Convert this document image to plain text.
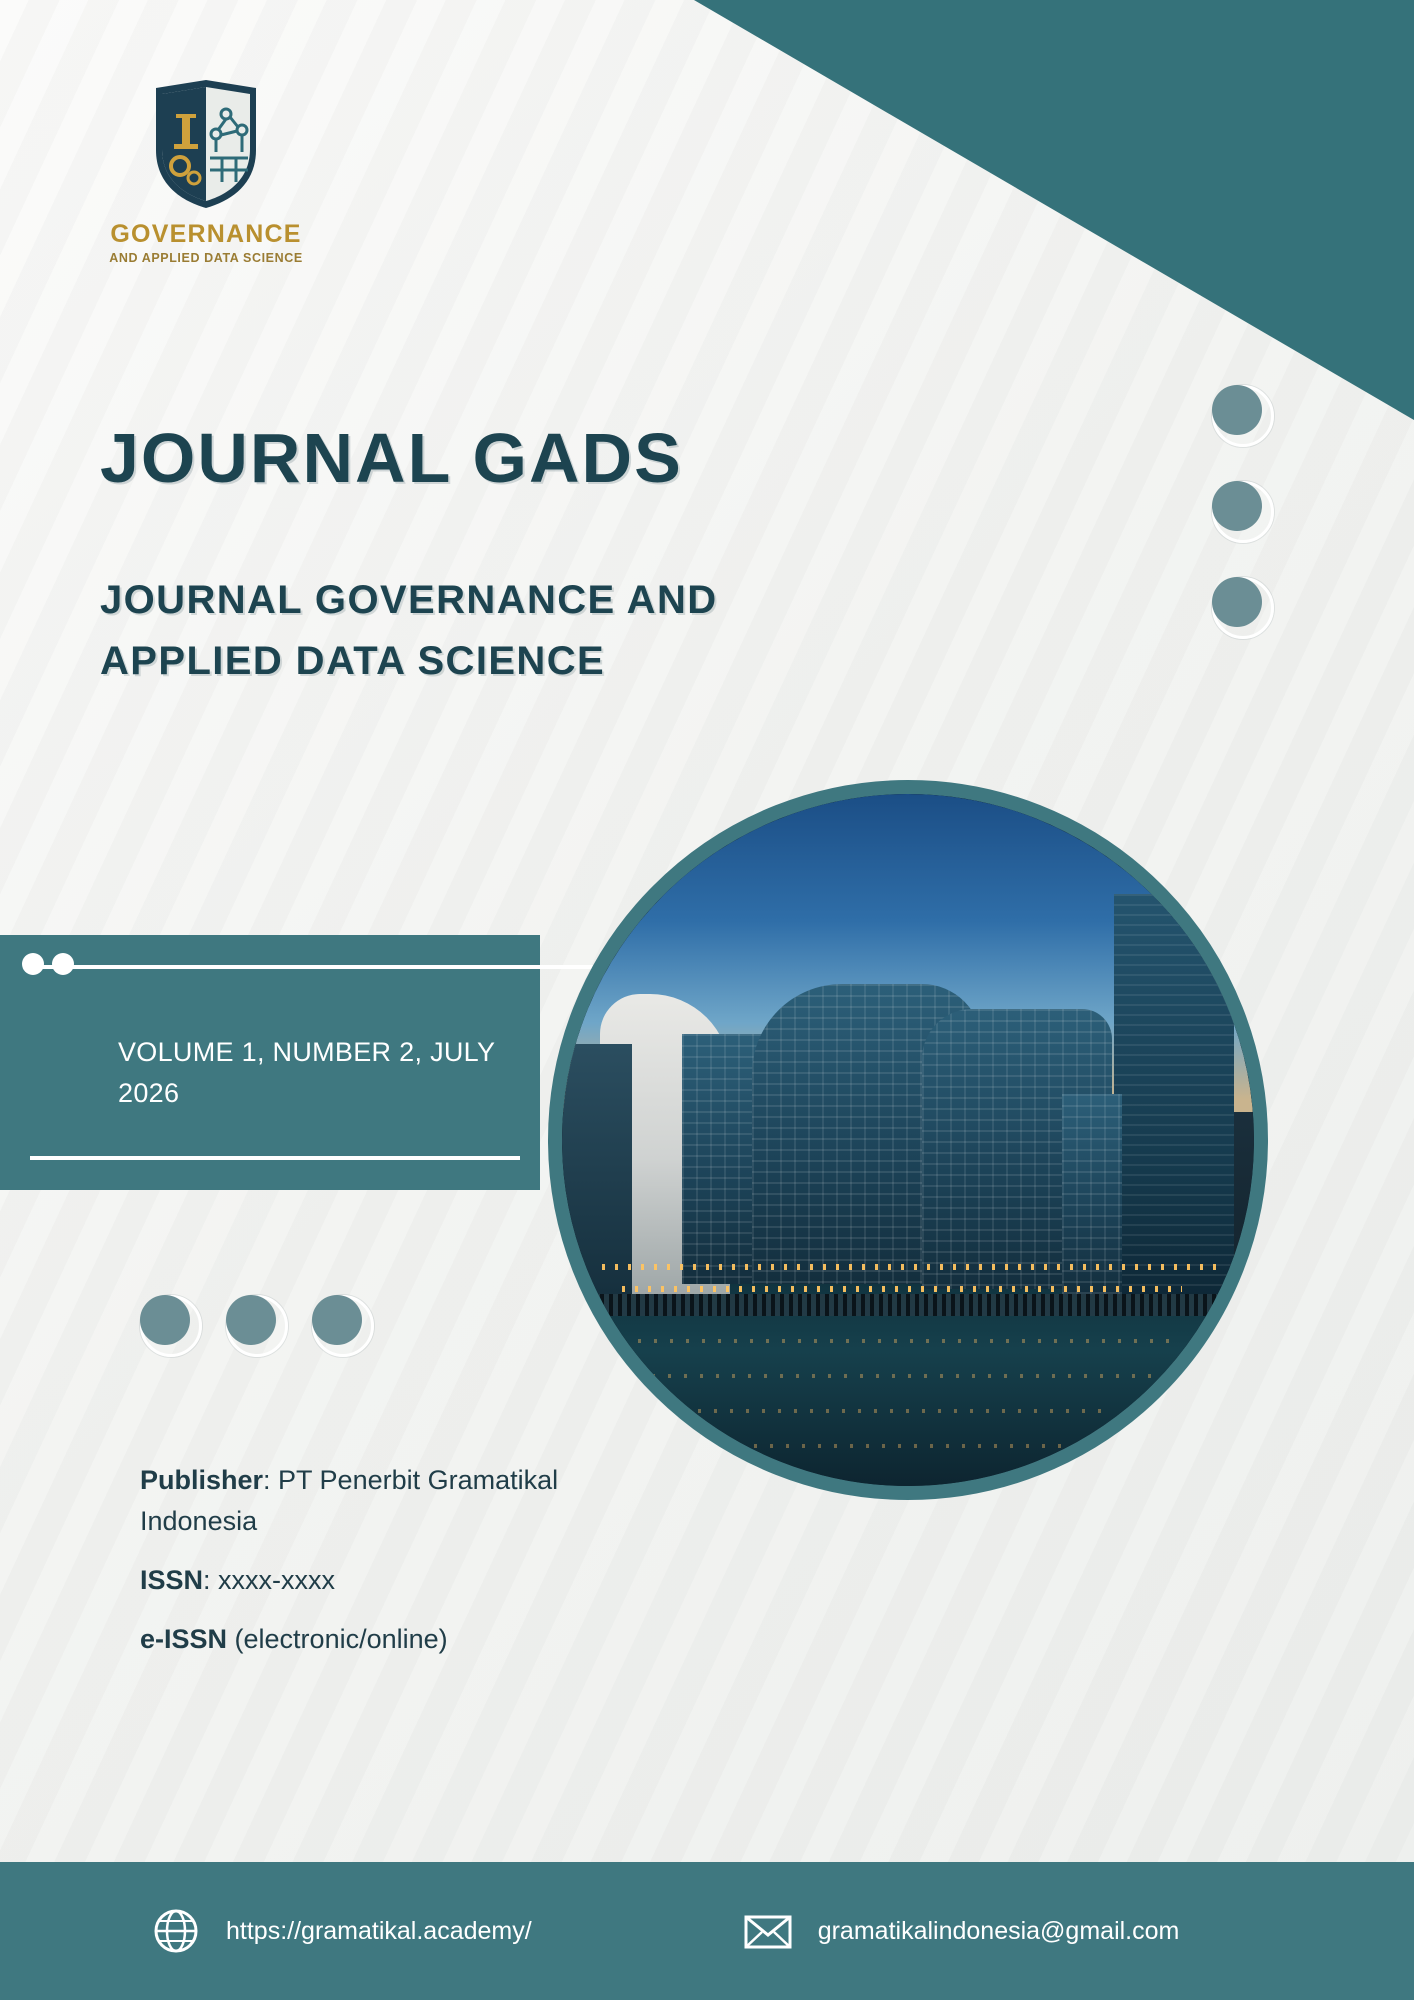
GOVERNANCE
AND APPLIED DATA SCIENCE
JOURNAL GADS
JOURNAL GOVERNANCE AND APPLIED DATA SCIENCE
VOLUME 1, NUMBER 2, JULY 2026
Publisher: PT Penerbit Gramatikal Indonesia
ISSN: xxxx-xxxx
e-ISSN (electronic/online)
https://gramatikal.academy/	gramatikalindonesia@gmail.com
